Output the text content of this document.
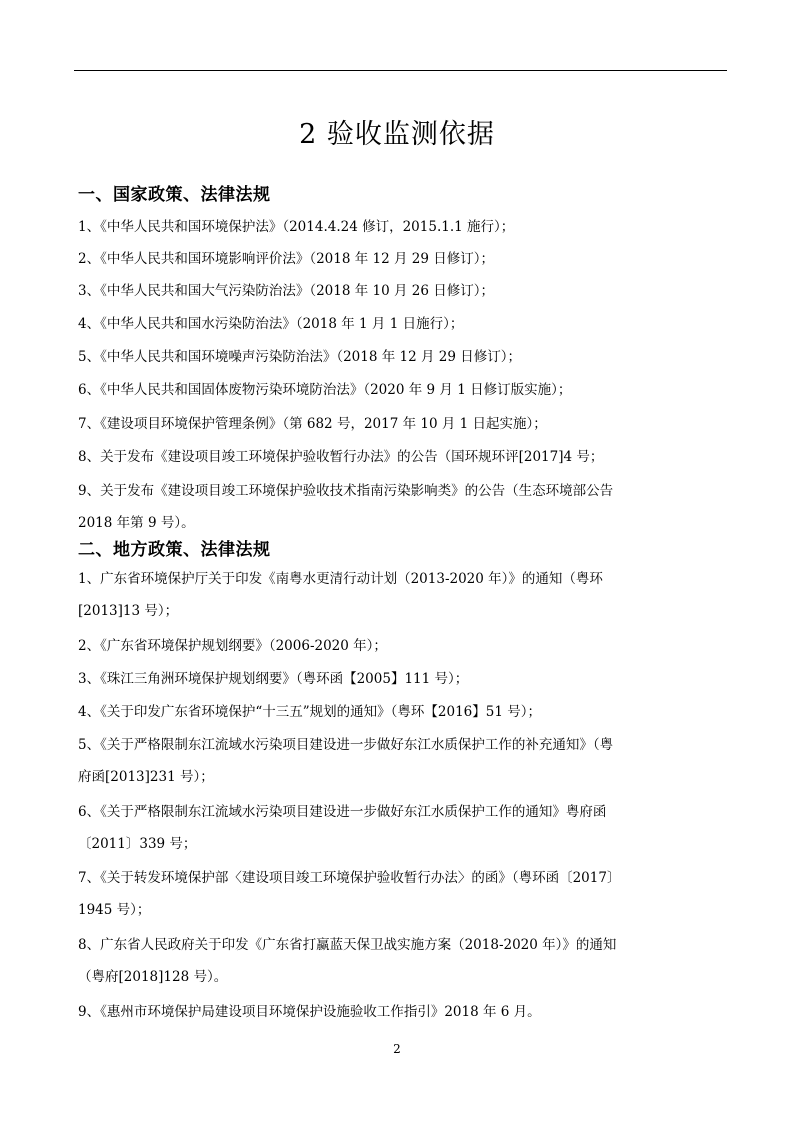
2 验收监测依据
一、国家政策、法律法规
1、《中华人民共和国环境保护法》（2014.4.24 修订，2015.1.1 施行）；
2、《中华人民共和国环境影响评价法》（2018 年 12 月 29 日修订）；
3、《中华人民共和国大气污染防治法》（2018 年 10 月 26 日修订）；
4、《中华人民共和国水污染防治法》（2018 年 1 月 1 日施行）；
5、《中华人民共和国环境噪声污染防治法》（2018 年 12 月 29 日修订）；
6、《中华人民共和国固体废物污染环境防治法》（2020 年 9 月 1 日修订版实施）；
7、《建设项目环境保护管理条例》（第 682 号，2017 年 10 月 1 日起实施）；
8、关于发布《建设项目竣工环境保护验收暂行办法》的公告（国环规环评[2017]4 号；
9、关于发布《建设项目竣工环境保护验收技术指南污染影响类》的公告（生态环境部公告
2018 年第 9 号）。
二、地方政策、法律法规
1、广东省环境保护厅关于印发《南粤水更清行动计划（2013-2020 年）》的通知（粤环
[2013]13 号）；
2、《广东省环境保护规划纲要》（2006-2020 年）；
3、《珠江三角洲环境保护规划纲要》（粤环函【2005】111 号）；
4、《关于印发广东省环境保护“十三五”规划的通知》（粤环【2016】51 号）；
5、《关于严格限制东江流域水污染项目建设进一步做好东江水质保护工作的补充通知》（粤
府函[2013]231 号）；
6、《关于严格限制东江流域水污染项目建设进一步做好东江水质保护工作的通知》粤府函
〔2011〕339 号；
7、《关于转发环境保护部〈建设项目竣工环境保护验收暂行办法〉的函》（粤环函〔2017〕
1945 号）；
8、广东省人民政府关于印发《广东省打赢蓝天保卫战实施方案（2018-2020 年）》的通知
（粤府[2018]128 号）。
9、《惠州市环境保护局建设项目环境保护设施验收工作指引》2018 年 6 月。
2
